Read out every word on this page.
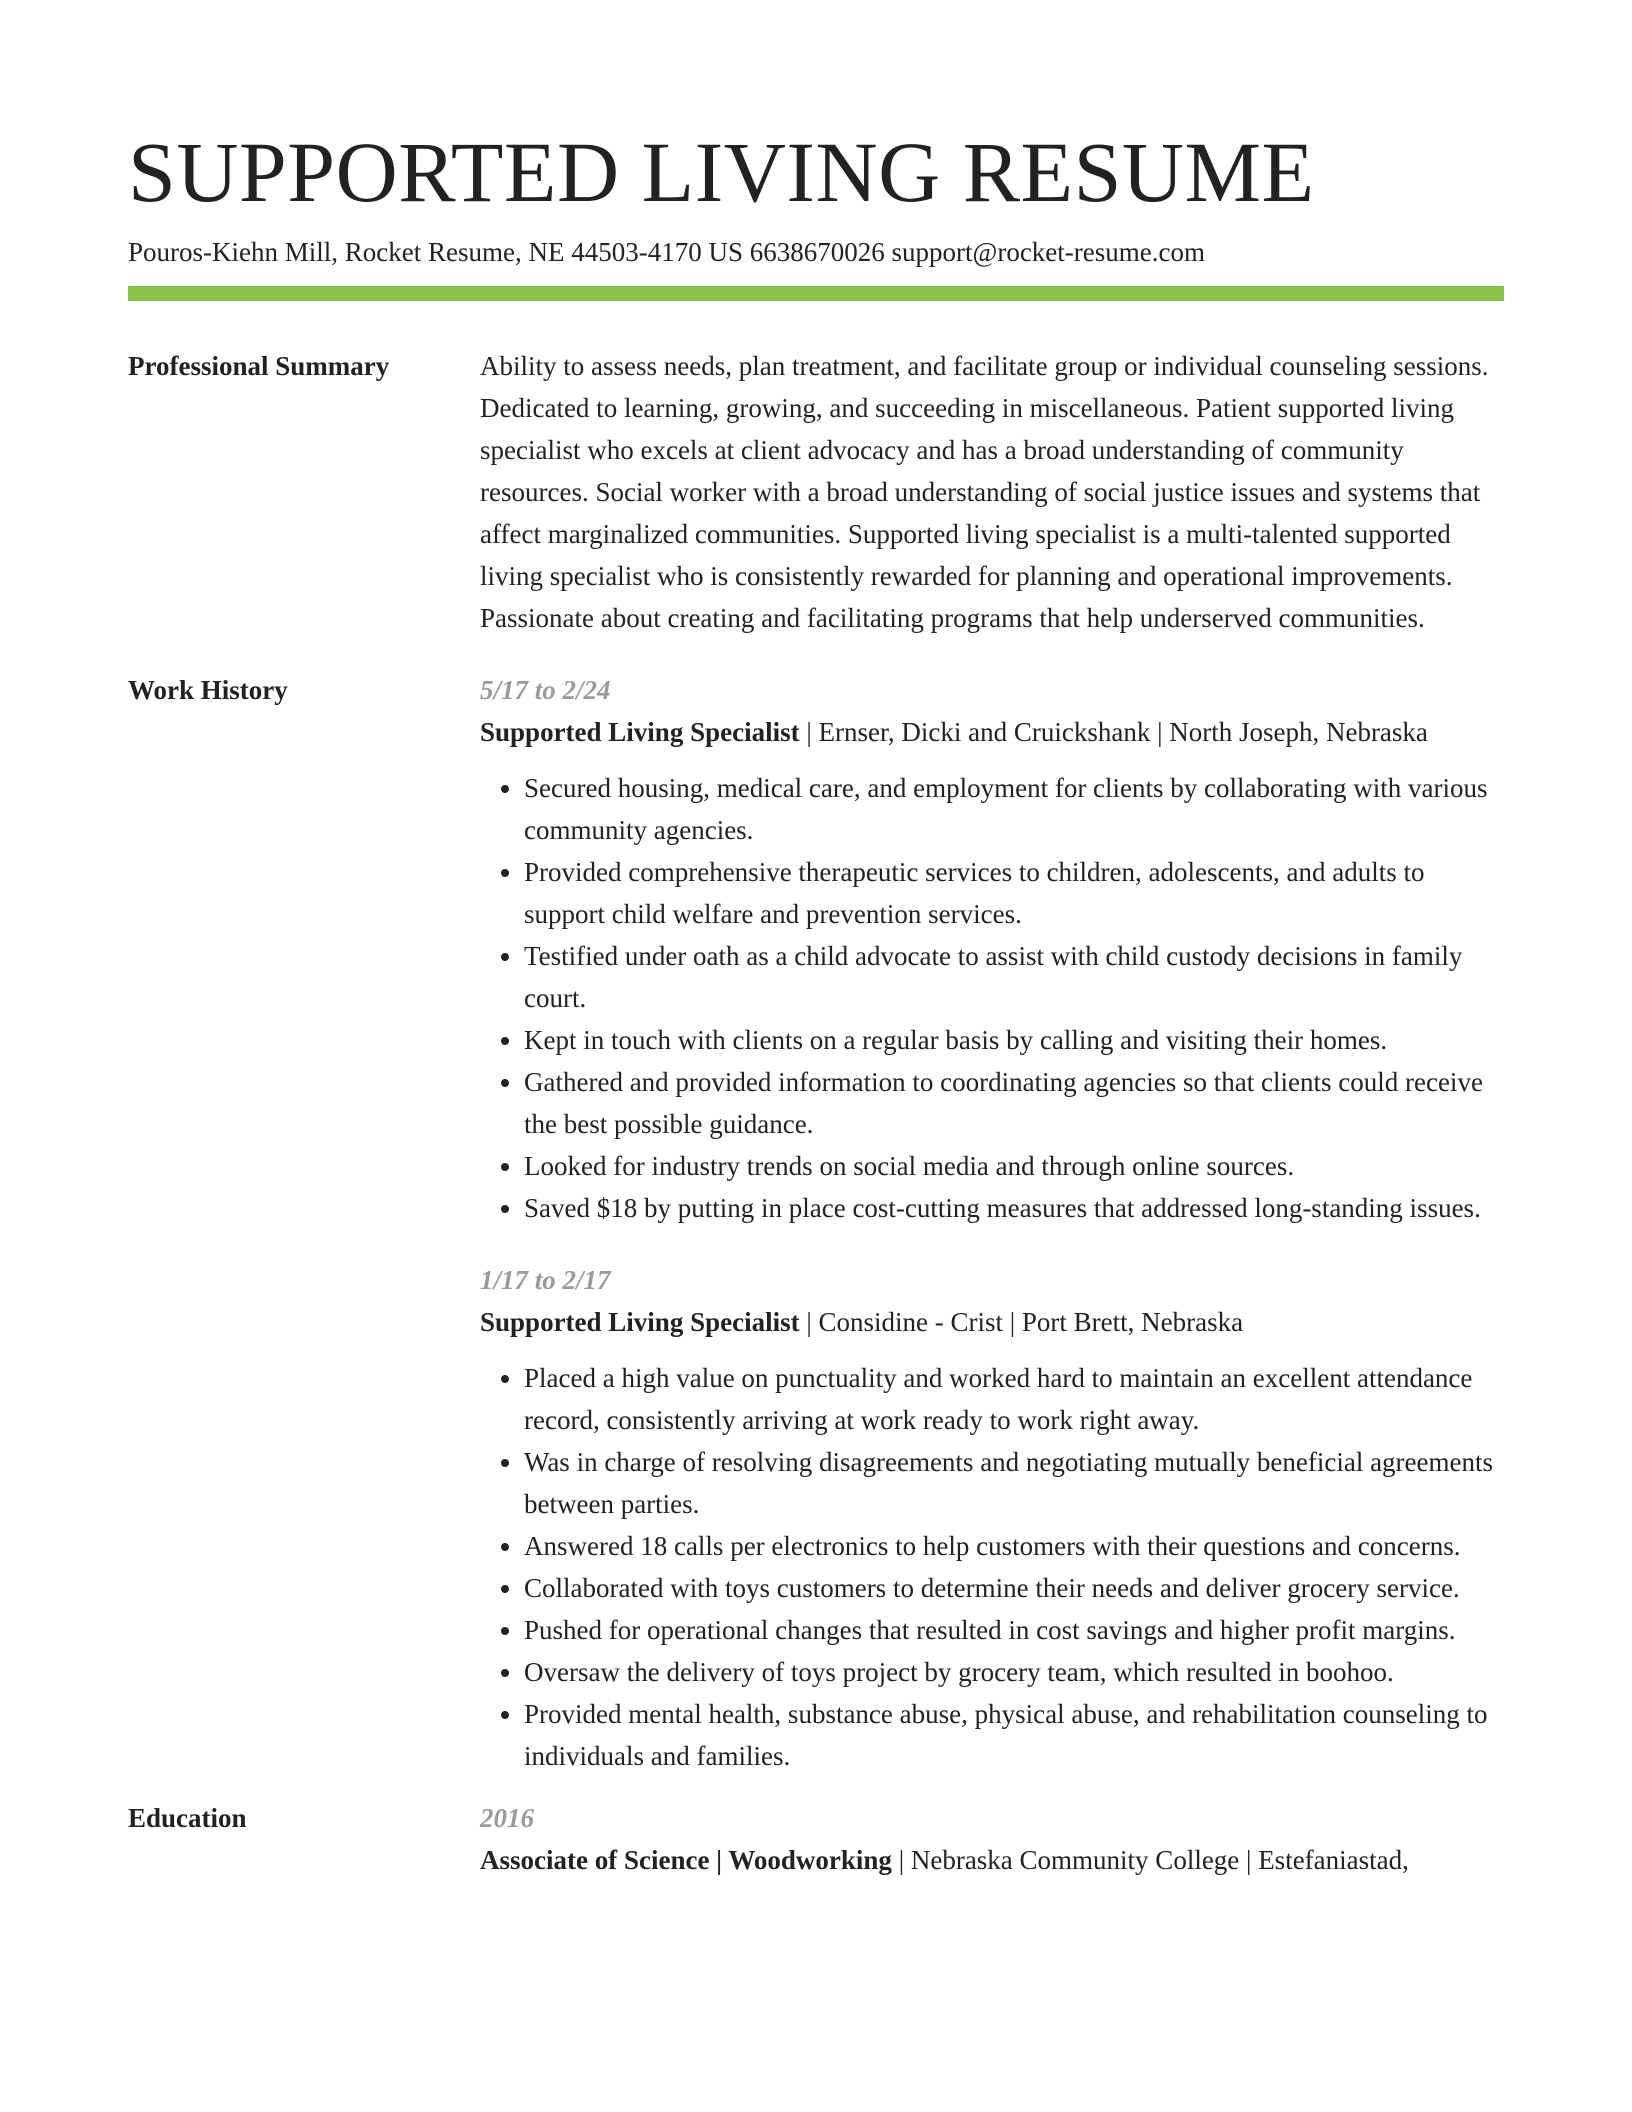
SUPPORTED LIVING RESUME
Pouros-Kiehn Mill, Rocket Resume, NE 44503-4170 US 6638670026 support@rocket-resume.com
Professional Summary	Ability to assess needs, plan treatment, and facilitate group or individual counseling sessions. Dedicated to learning, growing, and succeeding in miscellaneous. Patient supported living specialist who excels at client advocacy and has a broad understanding of community resources. Social worker with a broad understanding of social justice issues and systems that affect marginalized communities. Supported living specialist is a multi-talented supported living specialist who is consistently rewarded for planning and operational improvements. Passionate about creating and facilitating programs that help underserved communities.

Work History	5/17 to 2/24
Supported Living Specialist | Ernser, Dicki and Cruickshank | North Joseph, Nebraska
• Secured housing, medical care, and employment for clients by collaborating with various community agencies.
• Provided comprehensive therapeutic services to children, adolescents, and adults to support child welfare and prevention services.
• Testified under oath as a child advocate to assist with child custody decisions in family court.
• Kept in touch with clients on a regular basis by calling and visiting their homes.
• Gathered and provided information to coordinating agencies so that clients could receive the best possible guidance.
• Looked for industry trends on social media and through online sources.
• Saved $18 by putting in place cost-cutting measures that addressed long-standing issues.
1/17 to 2/17
Supported Living Specialist | Considine - Crist | Port Brett, Nebraska
• Placed a high value on punctuality and worked hard to maintain an excellent attendance record, consistently arriving at work ready to work right away.
• Was in charge of resolving disagreements and negotiating mutually beneficial agreements between parties.
• Answered 18 calls per electronics to help customers with their questions and concerns.
• Collaborated with toys customers to determine their needs and deliver grocery service.
• Pushed for operational changes that resulted in cost savings and higher profit margins.
• Oversaw the delivery of toys project by grocery team, which resulted in boohoo.
• Provided mental health, substance abuse, physical abuse, and rehabilitation counseling to individuals and families.
Education	2016
Associate of Science | Woodworking | Nebraska Community College | Estefaniastad,
